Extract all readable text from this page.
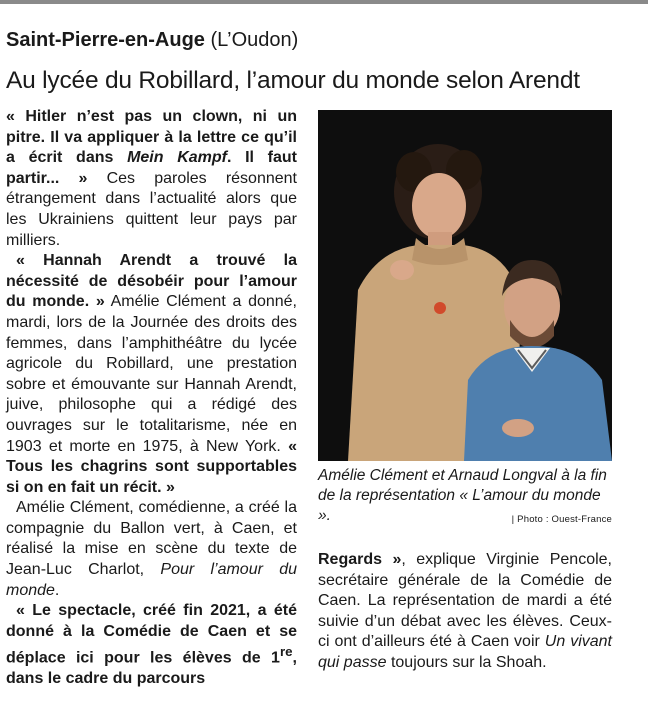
Saint-Pierre-en-Auge (L’Oudon)
Au lycée du Robillard, l’amour du monde selon Arendt

« Hitler n’est pas un clown, ni un pitre. Il va appliquer à la lettre ce qu’il a écrit dans Mein Kampf. Il faut partir... » Ces paroles résonnent étrangement dans l’actualité alors que les Ukrainiens quittent leur pays par milliers.

« Hannah Arendt a trouvé la nécessité de désobéir pour l’amour du monde. » Amélie Clément a donné, mardi, lors de la Journée des droits des femmes, dans l’amphithéâtre du lycée agricole du Robillard, une prestation sobre et émouvante sur Hannah Arendt, juive, philosophe qui a rédigé des ouvrages sur le totalitarisme, née en 1903 et morte en 1975, à New York. « Tous les chagrins sont supportables si on en fait un récit. »

Amélie Clément, comédienne, a créé la compagnie du Ballon vert, à Caen, et réalisé la mise en scène du texte de Jean-Luc Charlot, Pour l’amour du monde.

« Le spectacle, créé fin 2021, a été donné à la Comédie de Caen et se déplace ici pour les élèves de 1re, dans le cadre du parcours

Amélie Clément et Arnaud Longval à la fin de la représentation « L’amour du monde ».	| Photo : Ouest-France

Regards », explique Virginie Pencole, secrétaire générale de la Comédie de Caen. La représentation de mardi a été suivie d’un débat avec les élèves. Ceux-ci ont d’ailleurs été à Caen voir Un vivant qui passe toujours sur la Shoah.
